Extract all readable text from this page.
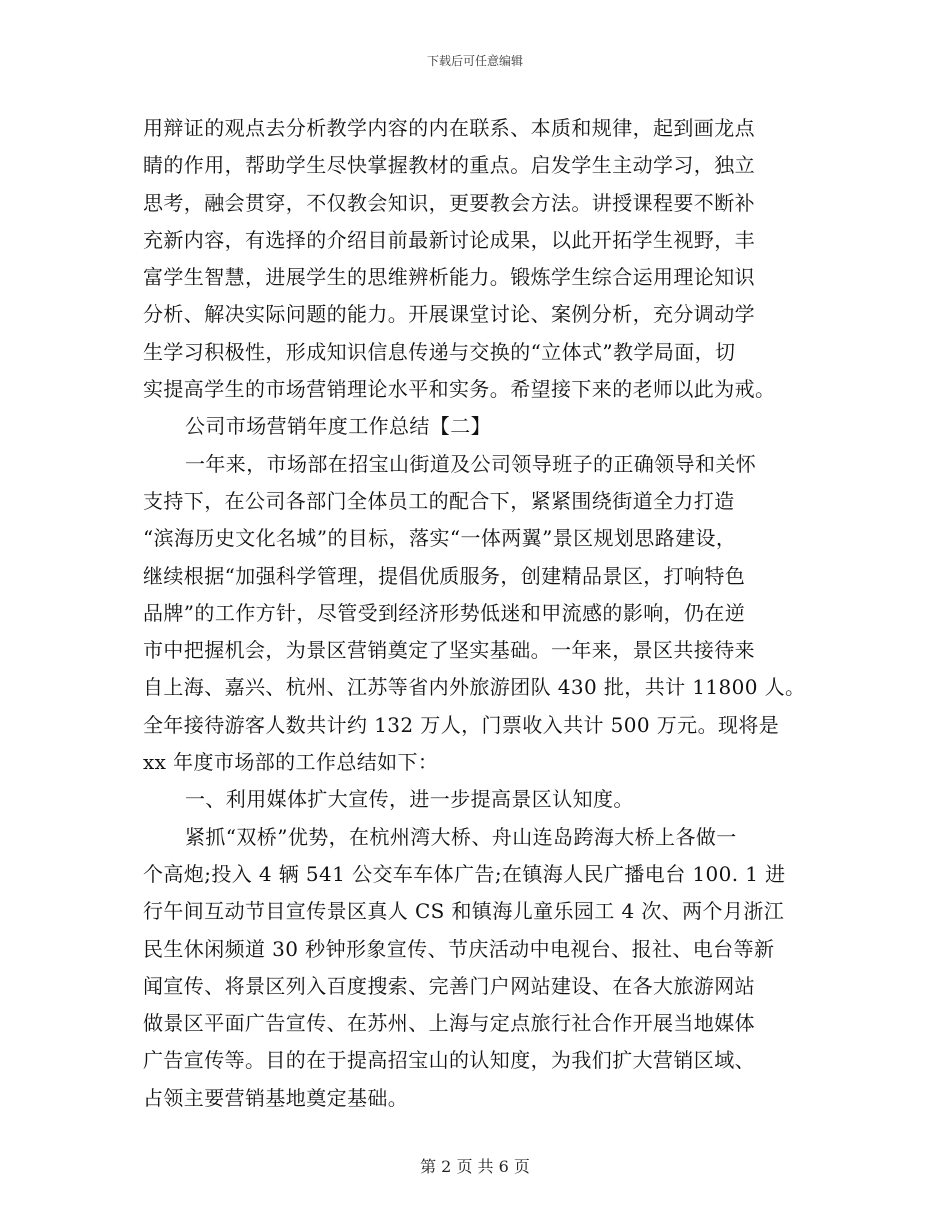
下载后可任意编辑
用辩证的观点去分析教学内容的内在联系、本质和规律，起到画龙点
睛的作用，帮助学生尽快掌握教材的重点。启发学生主动学习，独立
思考，融会贯穿，不仅教会知识，更要教会方法。讲授课程要不断补
充新内容，有选择的介绍目前最新讨论成果，以此开拓学生视野，丰
富学生智慧，进展学生的思维辨析能力。锻炼学生综合运用理论知识
分析、解决实际问题的能力。开展课堂讨论、案例分析，充分调动学
生学习积极性，形成知识信息传递与交换的“立体式”教学局面，切
实提高学生的市场营销理论水平和实务。希望接下来的老师以此为戒。
公司市场营销年度工作总结【二】
一年来，市场部在招宝山街道及公司领导班子的正确领导和关怀
支持下，在公司各部门全体员工的配合下，紧紧围绕街道全力打造
“滨海历史文化名城”的目标，落实“一体两翼”景区规划思路建设，
继续根据“加强科学管理，提倡优质服务，创建精品景区，打响特色
品牌”的工作方针，尽管受到经济形势低迷和甲流感的影响，仍在逆
市中把握机会，为景区营销奠定了坚实基础。一年来，景区共接待来
自上海、嘉兴、杭州、江苏等省内外旅游团队 430 批，共计 11800 人。
全年接待游客人数共计约 132 万人，门票收入共计 500 万元。现将是
xx 年度市场部的工作总结如下：
一、利用媒体扩大宣传，进一步提高景区认知度。
紧抓“双桥”优势，在杭州湾大桥、舟山连岛跨海大桥上各做一
个高炮;投入 4 辆 541 公交车车体广告;在镇海人民广播电台 100. 1 进
行午间互动节目宣传景区真人 CS 和镇海儿童乐园工 4 次、两个月浙江
民生休闲频道 30 秒钟形象宣传、节庆活动中电视台、报社、电台等新
闻宣传、将景区列入百度搜索、完善门户网站建设、在各大旅游网站
做景区平面广告宣传、在苏州、上海与定点旅行社合作开展当地媒体
广告宣传等。目的在于提高招宝山的认知度，为我们扩大营销区域、
占领主要营销基地奠定基础。
第 2 页 共 6 页
